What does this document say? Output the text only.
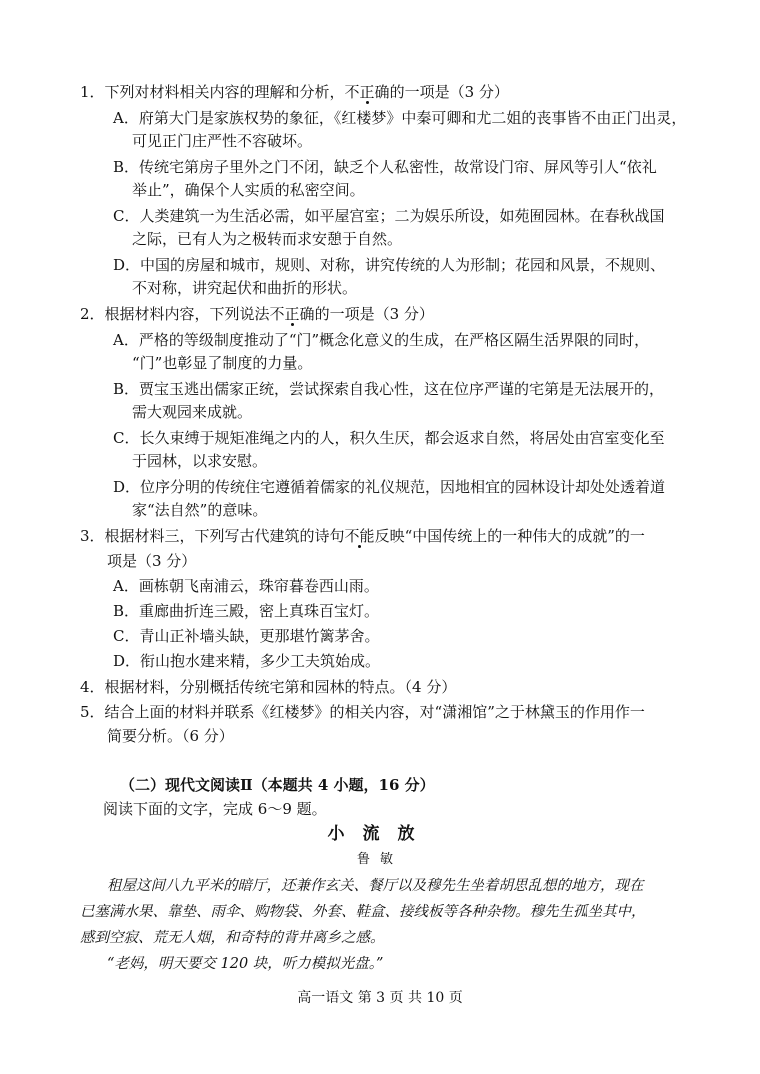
1．下列对材料相关内容的理解和分析，不正确的一项是（3 分）
A．府第大门是家族权势的象征，《红楼梦》中秦可卿和尤二姐的丧事皆不由正门出灵，
可见正门庄严性不容破坏。
B．传统宅第房子里外之门不闭，缺乏个人私密性，故常设门帘、屏风等引人“依礼
举止”，确保个人实质的私密空间。
C．人类建筑一为生活必需，如平屋宫室；二为娱乐所设，如苑囿园林。在春秋战国
之际，已有人为之极转而求安憩于自然。
D．中国的房屋和城市，规则、对称，讲究传统的人为形制；花园和风景，不规则、
不对称，讲究起伏和曲折的形状。
2．根据材料内容，下列说法不正确的一项是（3 分）
A．严格的等级制度推动了“门”概念化意义的生成，在严格区隔生活界限的同时，
“门”也彰显了制度的力量。
B．贾宝玉逃出儒家正统，尝试探索自我心性，这在位序严谨的宅第是无法展开的，
需大观园来成就。
C．长久束缚于规矩准绳之内的人，积久生厌，都会返求自然，将居处由宫室变化至
于园林，以求安慰。
D．位序分明的传统住宅遵循着儒家的礼仪规范，因地相宜的园林设计却处处透着道
家“法自然”的意味。
3．根据材料三，下列写古代建筑的诗句不能反映“中国传统上的一种伟大的成就”的一
项是（3 分）
A．画栋朝飞南浦云，珠帘暮卷西山雨。
B．重廊曲折连三殿，密上真珠百宝灯。
C．青山正补墙头缺，更那堪竹篱茅舍。
D．衔山抱水建来精，多少工夫筑始成。
4．根据材料，分别概括传统宅第和园林的特点。（4 分）
5．结合上面的材料并联系《红楼梦》的相关内容，对“潇湘馆”之于林黛玉的作用作一
简要分析。（6 分）
（二）现代文阅读Ⅱ（本题共 4 小题，16 分）
阅读下面的文字，完成 6～9 题。
小流放
鲁敏
租屋这间八九平米的暗厅，还兼作玄关、餐厅以及穆先生坐着胡思乱想的地方，现在
已塞满水果、靠垫、雨伞、购物袋、外套、鞋盒、接线板等各种杂物。穆先生孤坐其中，
感到空寂、荒无人烟，和奇特的背井离乡之感。
“老妈，明天要交 120 块，听力模拟光盘。”
高一语文 第 3 页 共 10 页
